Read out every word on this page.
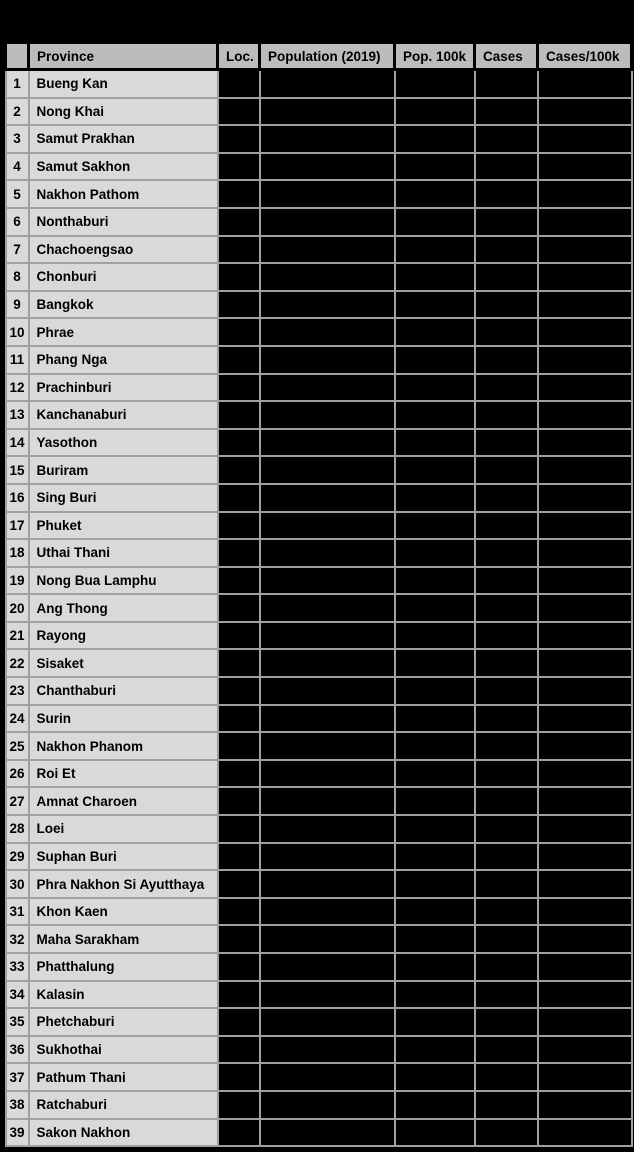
	Province	Loc.	Population (2019)	Pop. 100k	Cases	Cases/100k
1	Bueng Kan					
2	Nong Khai					
3	Samut Prakhan					
4	Samut Sakhon					
5	Nakhon Pathom					
6	Nonthaburi					
7	Chachoengsao					
8	Chonburi					
9	Bangkok					
10	Phrae					
11	Phang Nga					
12	Prachinburi					
13	Kanchanaburi					
14	Yasothon					
15	Buriram					
16	Sing Buri					
17	Phuket					
18	Uthai Thani					
19	Nong Bua Lamphu					
20	Ang Thong					
21	Rayong					
22	Sisaket					
23	Chanthaburi					
24	Surin					
25	Nakhon Phanom					
26	Roi Et					
27	Amnat Charoen					
28	Loei					
29	Suphan Buri					
30	Phra Nakhon Si Ayutthaya					
31	Khon Kaen					
32	Maha Sarakham					
33	Phatthalung					
34	Kalasin					
35	Phetchaburi					
36	Sukhothai					
37	Pathum Thani					
38	Ratchaburi					
39	Sakon Nakhon					
